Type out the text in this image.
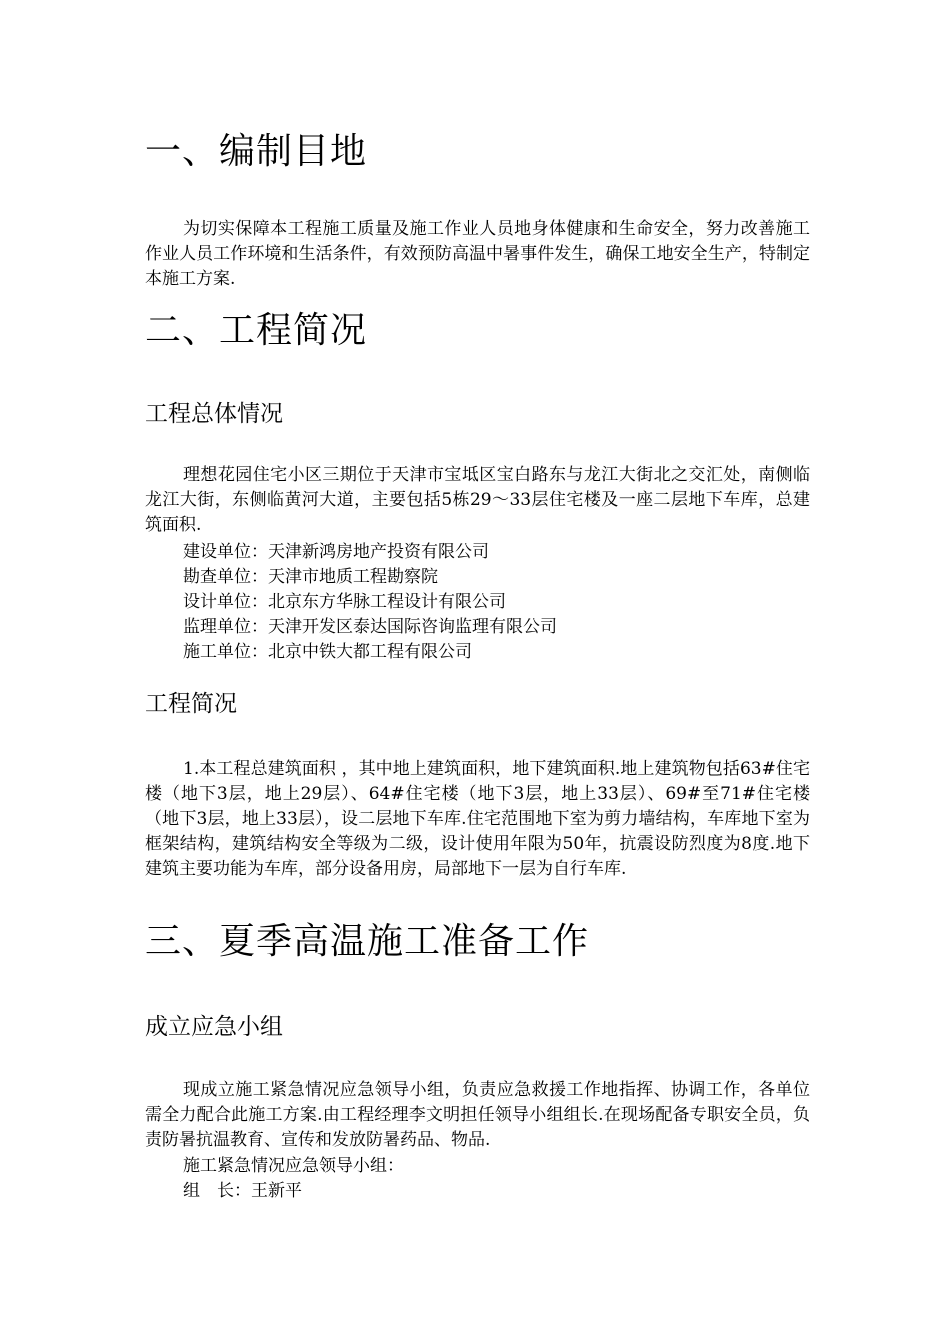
一、编制目地

为切实保障本工程施工质量及施工作业人员地身体健康和生命安全，努力改善施工作业人员工作环境和生活条件，有效预防高温中暑事件发生，确保工地安全生产，特制定本施工方案.

二、工程简况
工程总体情况

理想花园住宅小区三期位于天津市宝坻区宝白路东与龙江大街北之交汇处，南侧临龙江大街，东侧临黄河大道，主要包括5栋29～33层住宅楼及一座二层地下车库，总建筑面积.

建设单位：天津新鸿房地产投资有限公司

勘查单位：天津市地质工程勘察院

设计单位：北京东方华脉工程设计有限公司

监理单位：天津开发区泰达国际咨询监理有限公司

施工单位：北京中铁大都工程有限公司

工程简况

1.本工程总建筑面积 ，其中地上建筑面积，地下建筑面积.地上建筑物包括63#住宅楼（地下3层，地上29层）、64#住宅楼（地下3层，地上33层）、69#至71#住宅楼（地下3层，地上33层），设二层地下车库.住宅范围地下室为剪力墙结构，车库地下室为框架结构，建筑结构安全等级为二级，设计使用年限为50年，抗震设防烈度为8度.地下建筑主要功能为车库，部分设备用房，局部地下一层为自行车库.

三、夏季高温施工准备工作
成立应急小组

现成立施工紧急情况应急领导小组，负责应急救援工作地指挥、协调工作，各单位需全力配合此施工方案.由工程经理李文明担任领导小组组长.在现场配备专职安全员，负责防暑抗温教育、宣传和发放防暑药品、物品.

施工紧急情况应急领导小组：

组　长：王新平
